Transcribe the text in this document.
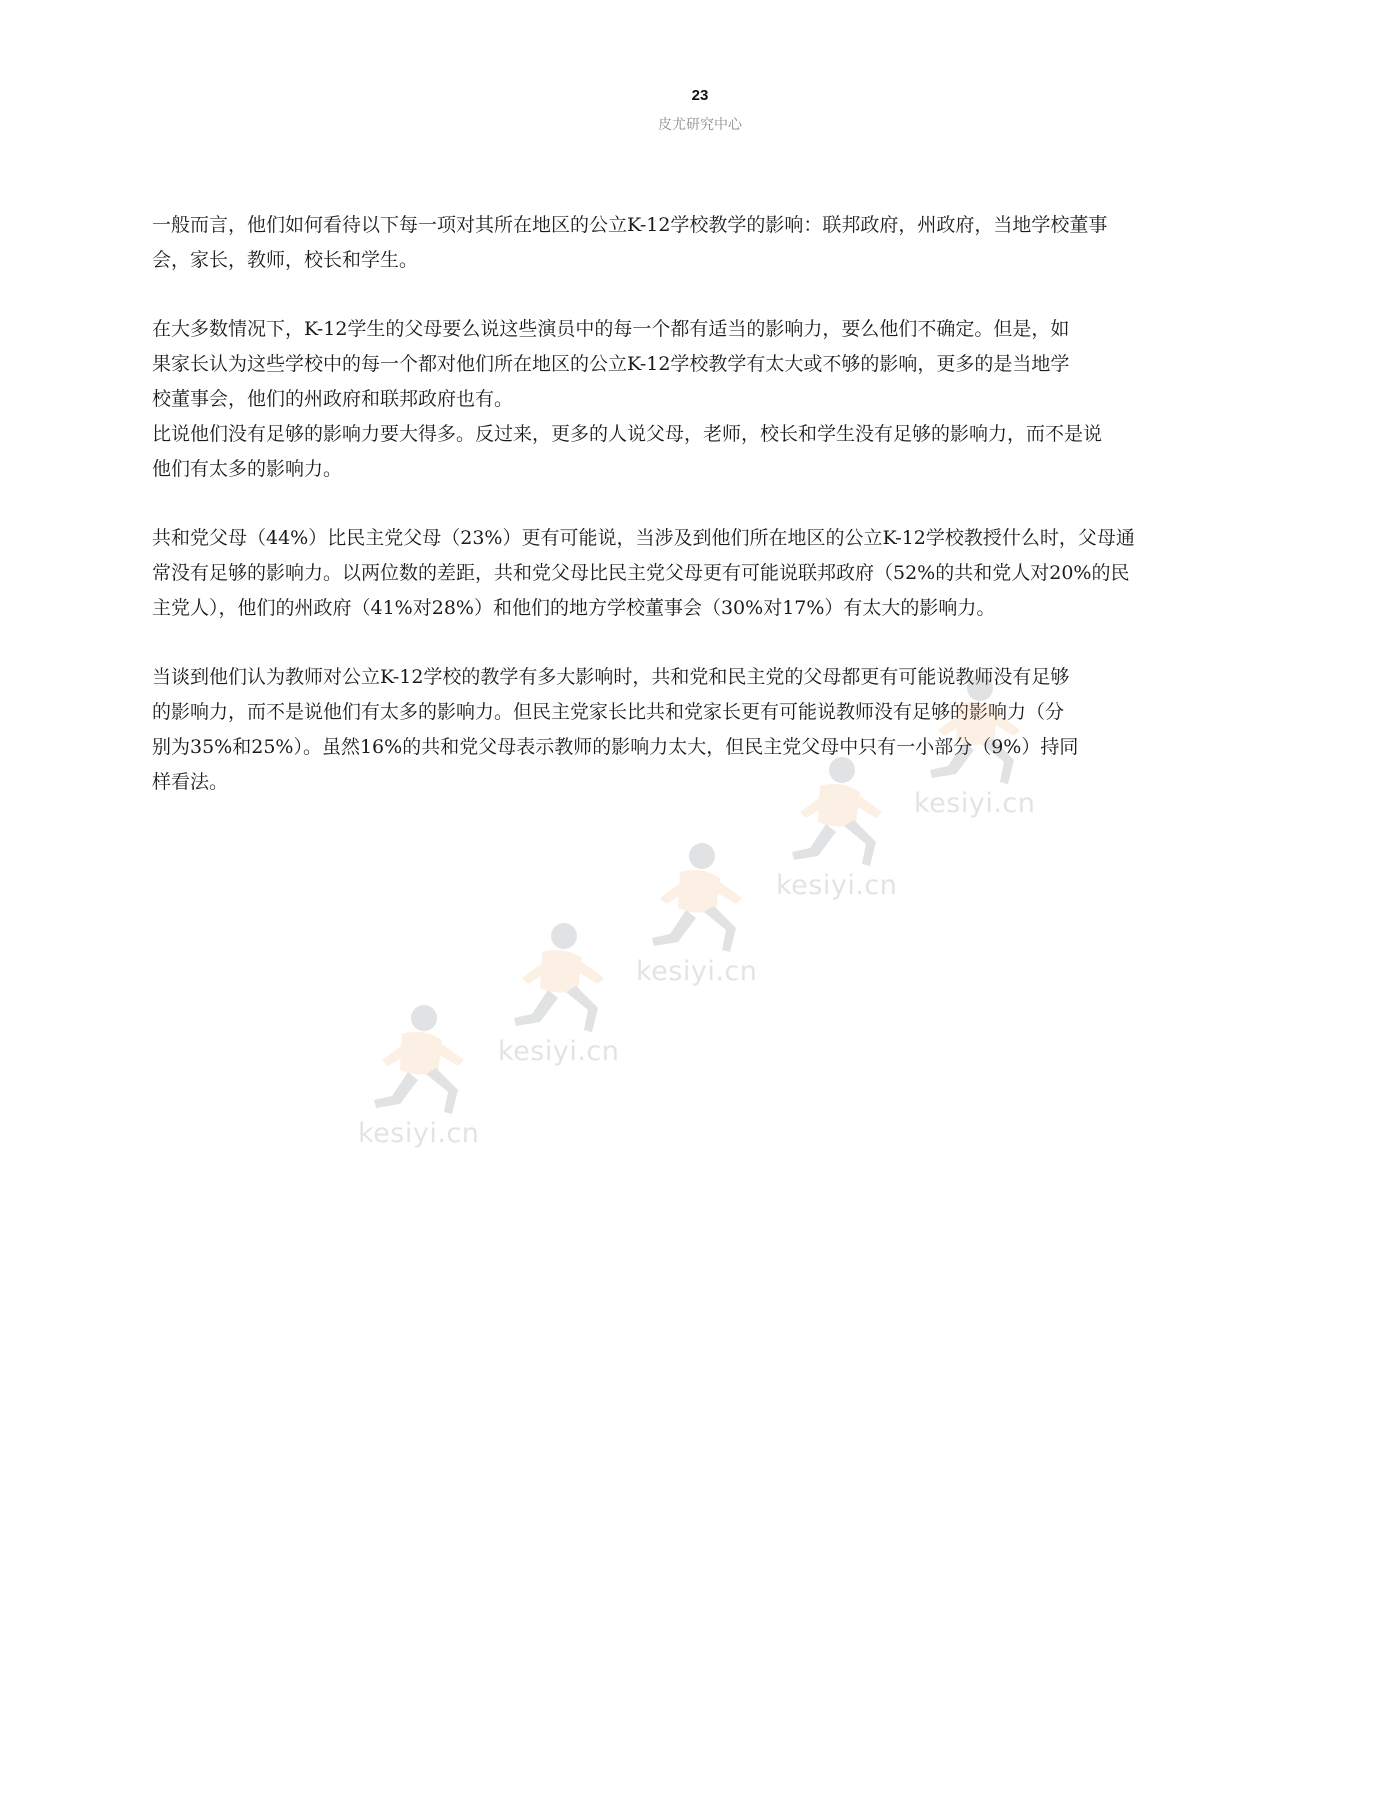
23
皮尤研究中心

一般而言，他们如何看待以下每一项对其所在地区的公立K-12学校教学的影响：联邦政府，州政府，当地学校董事
会，家长，教师，校长和学生。

在大多数情况下，K-12学生的父母要么说这些演员中的每一个都有适当的影响力，要么他们不确定。但是，如
果家长认为这些学校中的每一个都对他们所在地区的公立K-12学校教学有太大或不够的影响，更多的是当地学
校董事会，他们的州政府和联邦政府也有。
比说他们没有足够的影响力要大得多。反过来，更多的人说父母，老师，校长和学生没有足够的影响力，而不是说
他们有太多的影响力。

共和党父母（44%）比民主党父母（23%）更有可能说，当涉及到他们所在地区的公立K-12学校教授什么时，父母通
常没有足够的影响力。以两位数的差距，共和党父母比民主党父母更有可能说联邦政府（52%的共和党人对20%的民
主党人），他们的州政府（41%对28%）和他们的地方学校董事会（30%对17%）有太大的影响力。

当谈到他们认为教师对公立K-12学校的教学有多大影响时，共和党和民主党的父母都更有可能说教师没有足够
的影响力，而不是说他们有太多的影响力。但民主党家长比共和党家长更有可能说教师没有足够的影响力（分
别为35%和25%）。虽然16%的共和党父母表示教师的影响力太大，但民主党父母中只有一小部分（9%）持同
样看法。

kesiyi.cn
kesiyi.cn
kesiyi.cn
kesiyi.cn
kesiyi.cn
